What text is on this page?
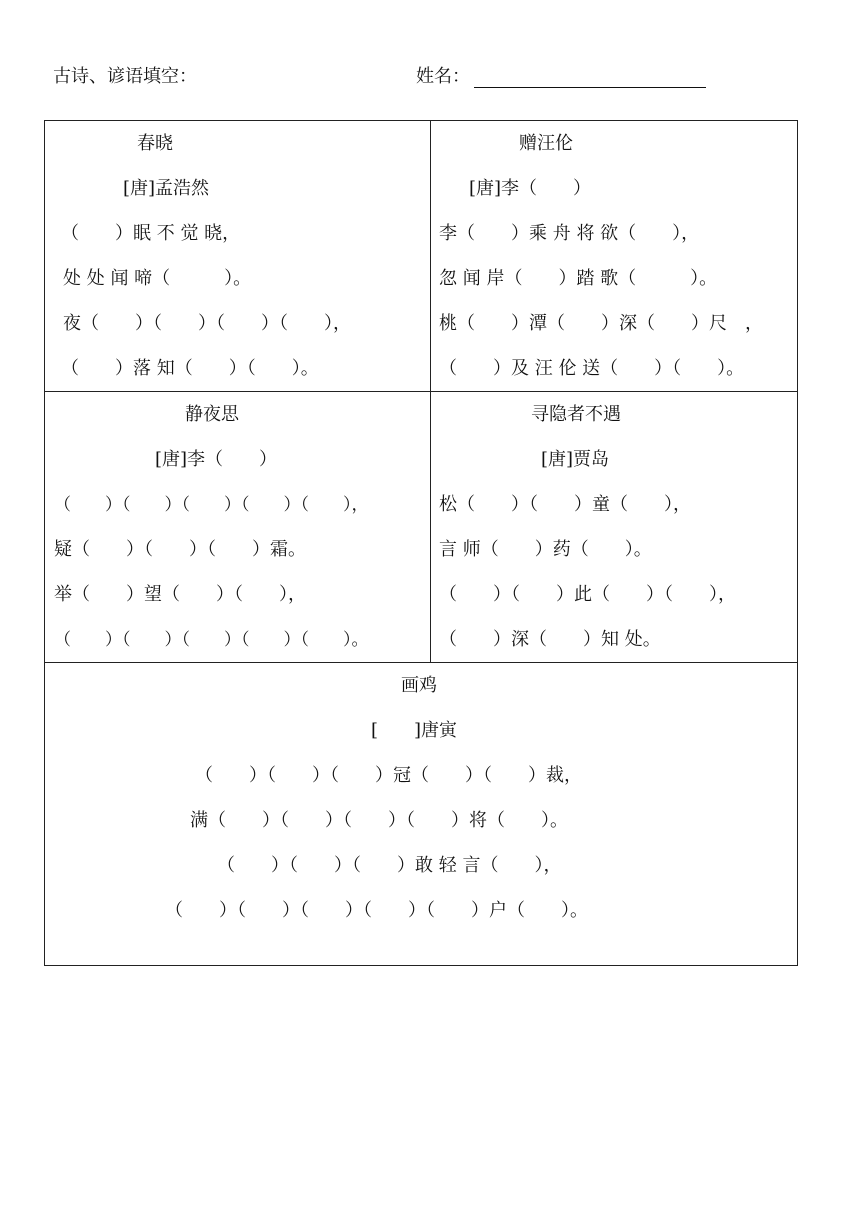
古诗、谚语填空：	姓名：
春晓
[唐]孟浩然
（　　）眠 不 觉 晓，
处 处 闻 啼（　　　）。
夜（　　）（　　）（　　）（　　），
（　　）落 知（　　）（　　）。
赠汪伦
[唐]李（　　）
李（　　）乘 舟 将 欲（　　），
忽 闻 岸（　　）踏 歌（　　　）。
桃（　　）潭（　　）深（　　）尺　，
（　　）及 汪 伦 送（　　）（　　）。
静夜思
[唐]李（　　）
（　　）（　　）（　　）（　　）（　　），
疑（　　）（　　）（　　）霜。
举（　　）望（　　）（　　），
（　　）（　　）（　　）（　　）（　　）。
寻隐者不遇
[唐]贾岛
松（　　）（　　）童（　　），
言 师（　　）药（　　）。
（　　）（　　）此（　　）（　　），
（　　）深（　　）知 处。
画鸡
[　　]唐寅
（　　）（　　）（　　）冠（　　）（　　）裁，
满（　　）（　　）（　　）（　　）将（　　）。
（　　）（　　）（　　）敢 轻 言（　　），
（　　）（　　）（　　）（　　）（　　）户（　　）。
